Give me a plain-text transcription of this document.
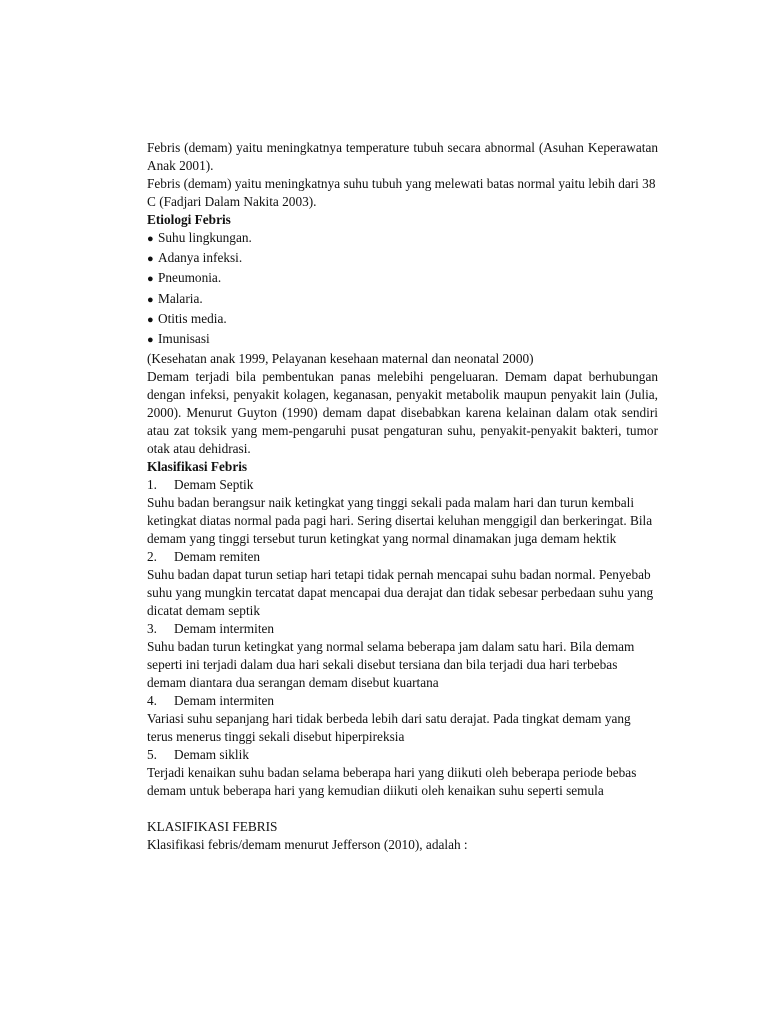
Febris (demam) yaitu meningkatnya temperature tubuh secara abnormal (Asuhan Keperawatan Anak 2001).

Febris (demam) yaitu meningkatnya suhu tubuh yang melewati batas normal yaitu lebih dari 38 C (Fadjari Dalam Nakita 2003).

Etiologi Febris

● Suhu lingkungan.
● Adanya infeksi.
● Pneumonia.
● Malaria.
● Otitis media.
● Imunisasi

(Kesehatan anak 1999, Pelayanan kesehaan maternal dan neonatal 2000)

Demam terjadi bila pembentukan panas melebihi pengeluaran. Demam dapat berhubungan dengan infeksi, penyakit kolagen, keganasan, penyakit metabolik maupun penyakit lain (Julia, 2000). Menurut Guyton (1990) demam dapat disebabkan karena kelainan dalam otak sendiri atau zat toksik yang mem-pengaruhi pusat pengaturan suhu, penyakit-penyakit bakteri, tumor otak atau dehidrasi.

Klasifikasi Febris

1.	Demam Septik

Suhu badan berangsur naik ketingkat yang tinggi sekali pada malam hari dan turun kembali ketingkat diatas normal pada pagi hari. Sering disertai keluhan menggigil dan berkeringat. Bila demam yang tinggi tersebut turun ketingkat yang normal dinamakan juga demam hektik

2.	Demam remiten

Suhu badan dapat turun setiap hari tetapi tidak pernah mencapai suhu badan normal. Penyebab suhu yang mungkin tercatat dapat mencapai dua derajat dan tidak sebesar perbedaan suhu yang dicatat demam septik

3.	Demam intermiten

Suhu badan turun ketingkat yang normal selama beberapa jam dalam satu hari. Bila demam seperti ini terjadi dalam dua hari sekali disebut tersiana dan bila terjadi dua hari terbebas demam diantara dua serangan demam disebut kuartana

4.	Demam intermiten

Variasi suhu sepanjang hari tidak berbeda lebih dari satu derajat. Pada tingkat demam yang terus menerus tinggi sekali disebut hiperpireksia

5.	Demam siklik

Terjadi kenaikan suhu badan selama beberapa hari yang diikuti oleh beberapa periode bebas demam untuk beberapa hari yang kemudian diikuti oleh kenaikan suhu seperti semula

KLASIFIKASI FEBRIS

Klasifikasi febris/demam menurut Jefferson (2010), adalah :
